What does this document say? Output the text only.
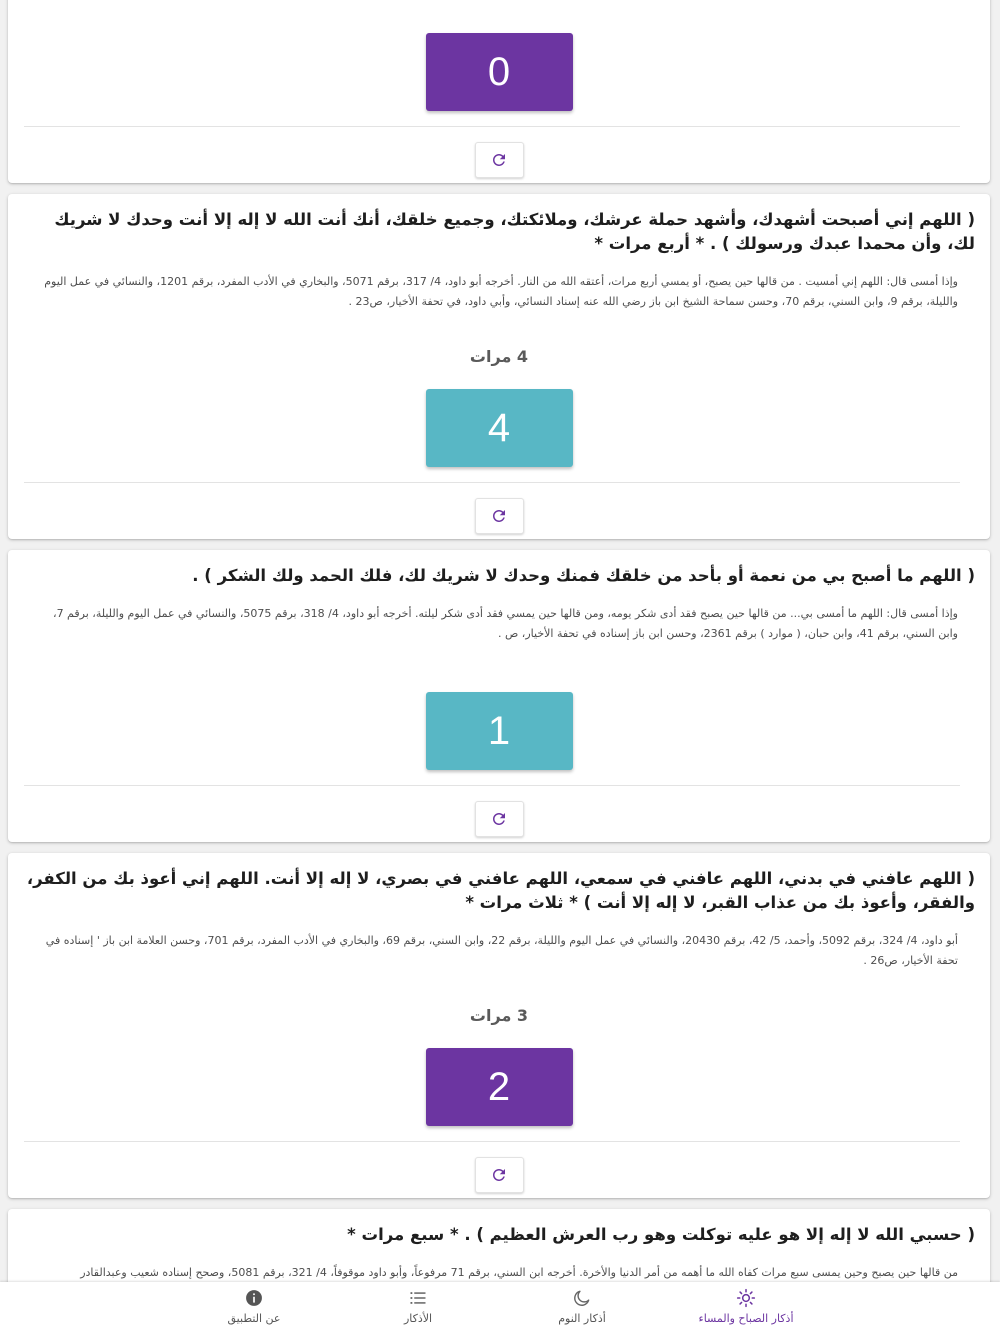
0
( اللهم إني أصبحت أشهدك، وأشهد حملة عرشك، وملائكتك، وجميع خلقك، أنك أنت الله لا إله إلا أنت وحدك لا شريك لك، وأن محمدا عبدك ورسولك ) . * أربع مرات *
وإذا أمسى قال: اللهم إني أمسيت . من قالها حين يصبح، أو يمسي أربع مرات، أعتقه الله من النار. أخرجه أبو داود، 4/ 317، برقم 5071، والبخاري في الأدب المفرد، برقم 1201، والنسائي في عمل اليوم والليلة، برقم 9، وابن السني، برقم 70، وحسن سماحة الشيخ ابن باز رضي الله عنه إسناد النسائي، وأبي داود، في تحفة الأخيار، ص23 .
4 مرات
4
( اللهم ما أصبح بي من نعمة أو بأحد من خلقك فمنك وحدك لا شريك لك، فلك الحمد ولك الشكر ) .
وإذا أمسى قال: اللهم ما أمسى بي... من قالها حين يصبح فقد أدى شكر يومه، ومن قالها حين يمسي فقد أدى شكر ليلته. أخرجه أبو داود، 4/ 318، برقم 5075، والنسائي في عمل اليوم والليلة، برقم 7، وابن السني، برقم 41، وابن حبان، ( موارد ) برقم 2361، وحسن ابن باز إسناده في تحفة الأخيار، ص .
1
( اللهم عافني في بدني، اللهم عافني في سمعي، اللهم عافني في بصري، لا إله إلا أنت. اللهم إني أعوذ بك من الكفر، والفقر، وأعوذ بك من عذاب القبر، لا إله إلا أنت ) * ثلاث مرات *
أبو داود، 4/ 324، برقم 5092، وأحمد، 5/ 42، برقم 20430، والنسائي في عمل اليوم والليلة، برقم 22، وابن السني، برقم 69، والبخاري في الأدب المفرد، برقم 701، وحسن العلامة ابن باز ' إسناده في تحفة الأخيار، ص26 .
3 مرات
2
( حسبي الله لا إله إلا هو عليه توكلت وهو رب العرش العظيم ) . * سبع مرات *
من قالها حين يصبح وحين يمسى سبع مرات كفاه الله ما أهمه من أمر الدنيا والأخرة. أخرجه ابن السني، برقم 71 مرفوعاً، وأبو داود موقوفاً، 4/ 321، برقم 5081، وصحح إسناده شعيب وعبدالقادر
أذكار الصباح والمساء
أذكار النوم
الأذكار
عن التطبيق
